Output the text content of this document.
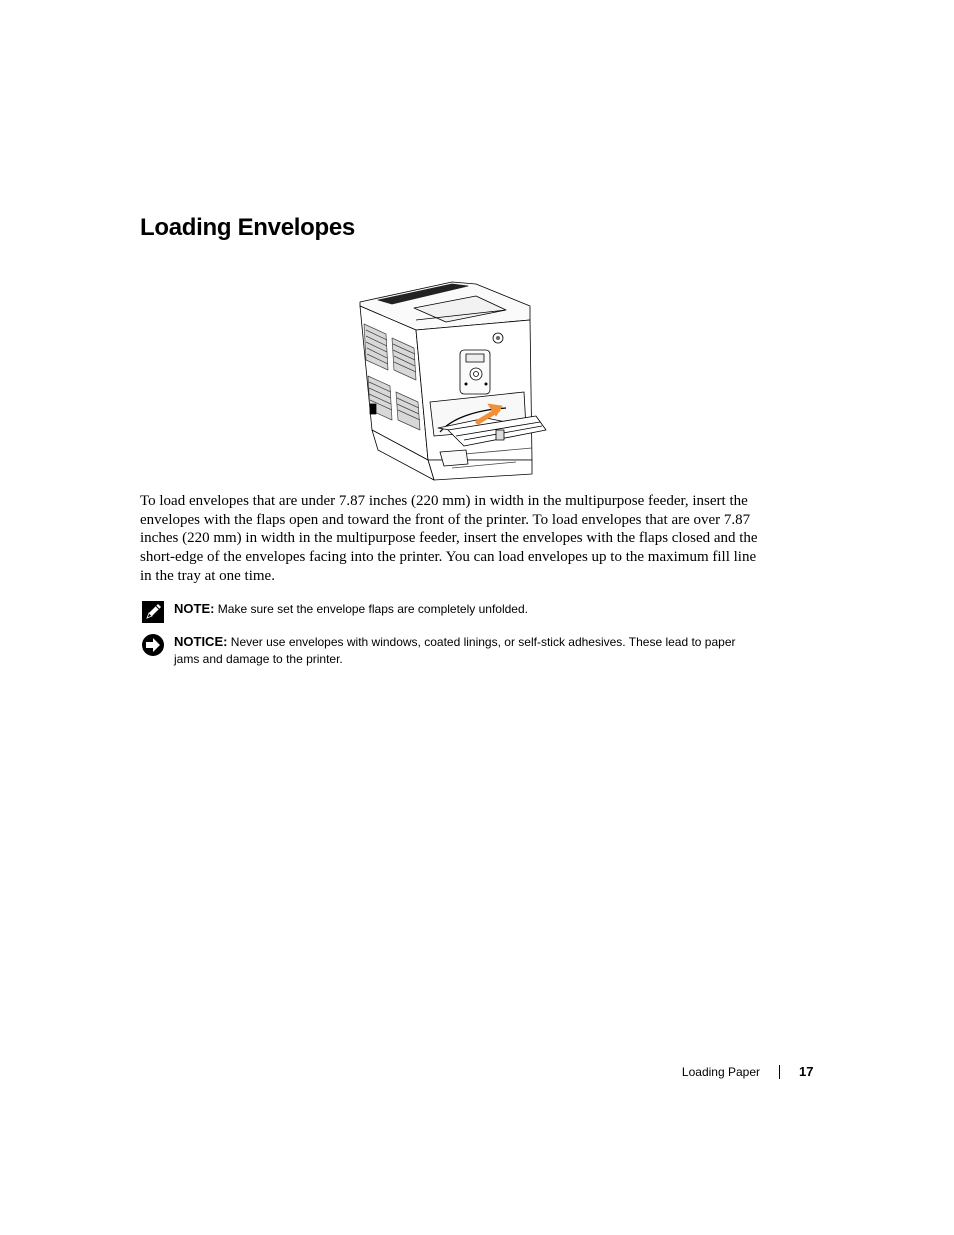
Loading Envelopes

To load envelopes that are under 7.87 inches (220 mm) in width in the multipurpose feeder, insert the envelopes with the flaps open and toward the front of the printer. To load envelopes that are over 7.87 inches (220 mm) in width in the multipurpose feeder, insert the envelopes with the flaps closed and the short-edge of the envelopes facing into the printer. You can load envelopes up to the maximum fill line in the tray at one time.

NOTE: Make sure set the envelope flaps are completely unfolded.
NOTICE: Never use envelopes with windows, coated linings, or self-stick adhesives. These lead to paper jams and damage to the printer.
Loading Paper	17
